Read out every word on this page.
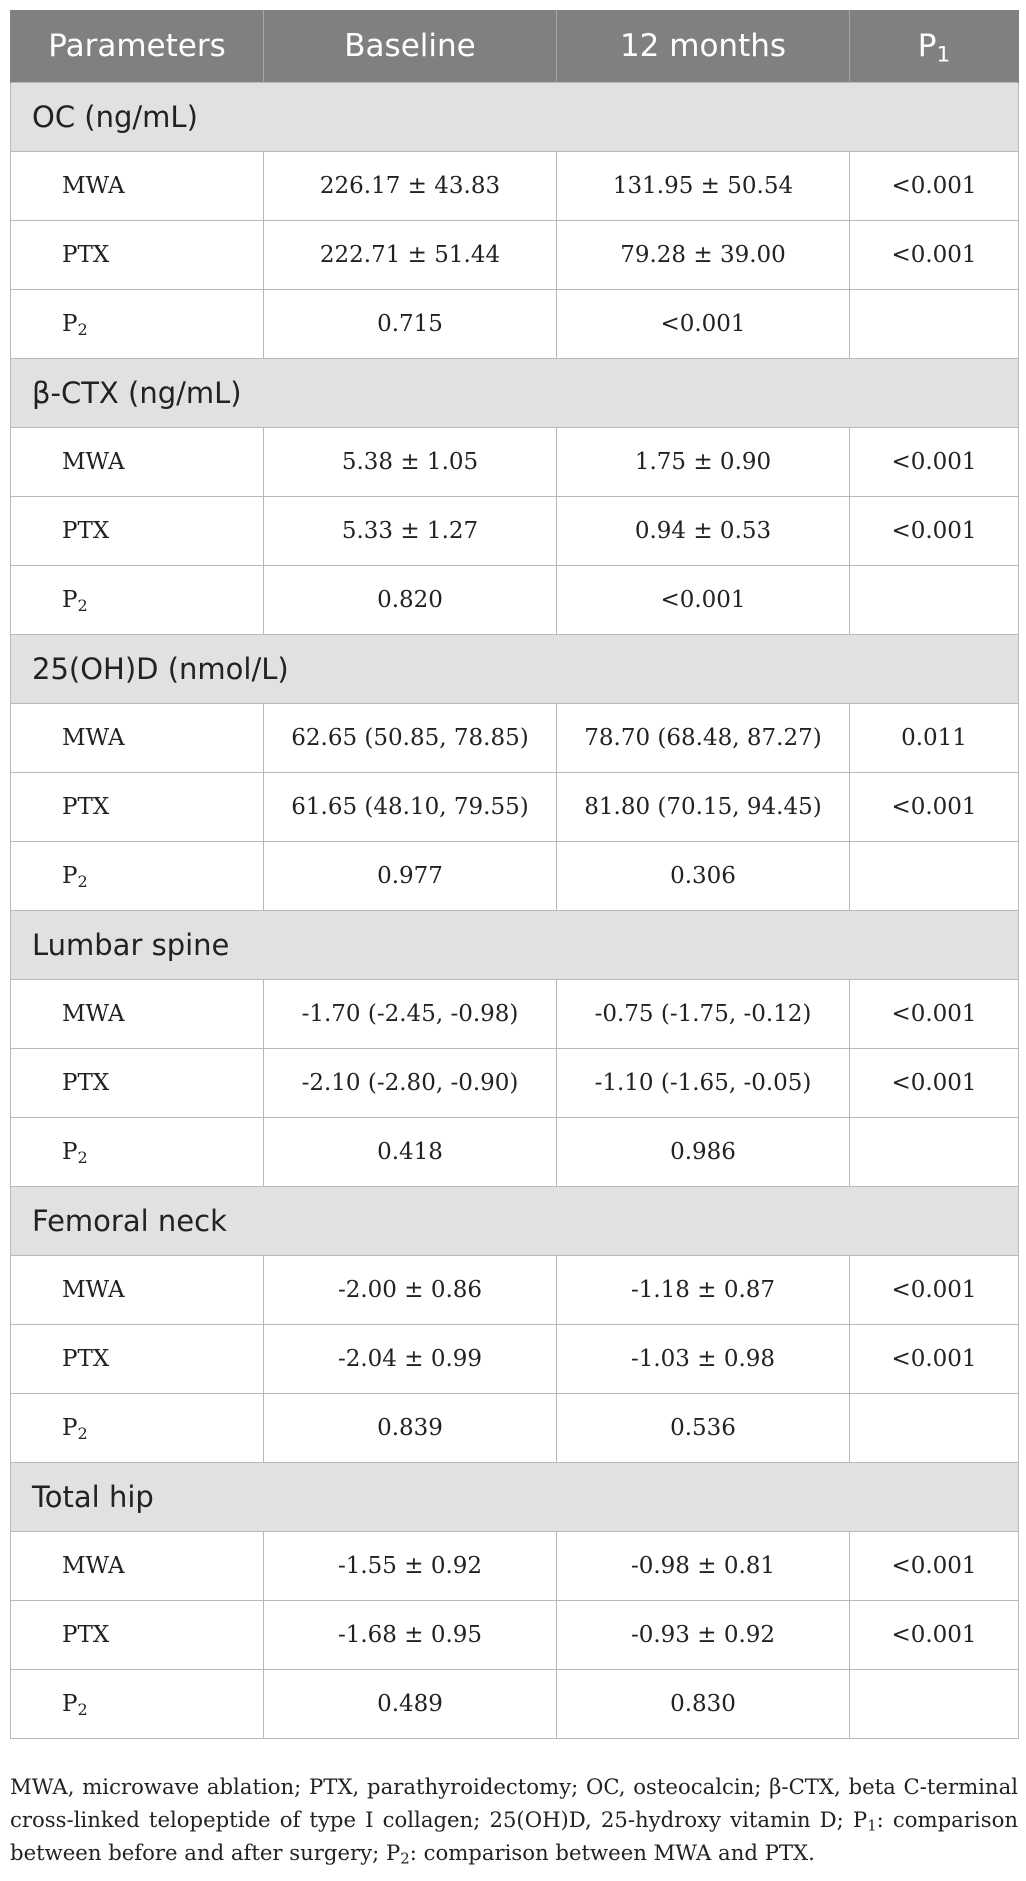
Parameters	Baseline	12 months	$P_1$
OC (ng/mL)			
MWA	226.17 ± 43.83	131.95 ± 50.54	<0.001
PTX	222.71 ± 51.44	79.28 ± 39.00	<0.001
$P_2$	0.715	<0.001	
β-CTX (ng/mL)			
MWA	5.38 ± 1.05	1.75 ± 0.90	<0.001
PTX	5.33 ± 1.27	0.94 ± 0.53	<0.001
$P_2$	0.820	<0.001	
25(OH)D (nmol/L)			
MWA	62.65 (50.85, 78.85)	78.70 (68.48, 87.27)	0.011
PTX	61.65 (48.10, 79.55)	81.80 (70.15, 94.45)	<0.001
$P_2$	0.977	0.306	
Lumbar spine			
MWA	-1.70 (-2.45, -0.98)	-0.75 (-1.75, -0.12)	<0.001
PTX	-2.10 (-2.80, -0.90)	-1.10 (-1.65, -0.05)	<0.001
$P_2$	0.418	0.986	
Femoral neck			
MWA	-2.00 ± 0.86	-1.18 ± 0.87	<0.001
PTX	-2.04 ± 0.99	-1.03 ± 0.98	<0.001
$P_2$	0.839	0.536	
Total hip			
MWA	-1.55 ± 0.92	-0.98 ± 0.81	<0.001
PTX	-1.68 ± 0.95	-0.93 ± 0.92	<0.001
$P_2$	0.489	0.830	
MWA, microwave ablation; PTX, parathyroidectomy; OC, osteocalcin; β-CTX, beta C-terminal cross-linked telopeptide of type I collagen; 25(OH)D, 25-hydroxy vitamin D; $P_1$: comparison between before and after surgery; $P_2$: comparison between MWA and PTX.
